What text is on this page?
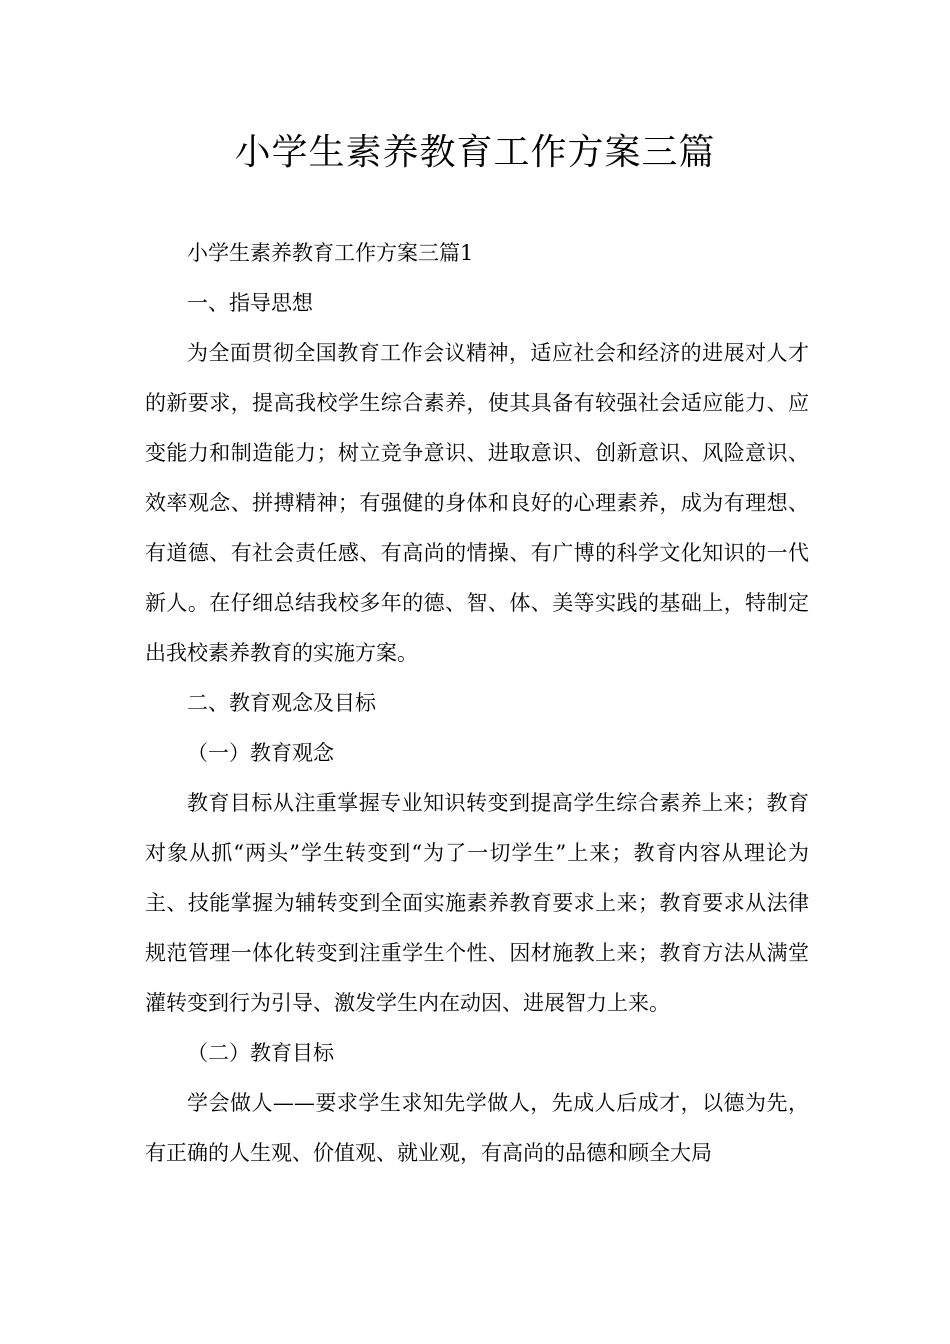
小学生素养教育工作方案三篇

小学生素养教育工作方案三篇1

一、指导思想

为全面贯彻全国教育工作会议精神，适应社会和经济的进展对人才的新要求，提高我校学生综合素养，使其具备有较强社会适应能力、应变能力和制造能力；树立竞争意识、进取意识、创新意识、风险意识、效率观念、拼搏精神；有强健的身体和良好的心理素养，成为有理想、有道德、有社会责任感、有高尚的情操、有广博的科学文化知识的一代新人。在仔细总结我校多年的德、智、体、美等实践的基础上，特制定出我校素养教育的实施方案。

二、教育观念及目标

（一）教育观念

教育目标从注重掌握专业知识转变到提高学生综合素养上来；教育对象从抓“两头”学生转变到“为了一切学生”上来；教育内容从理论为主、技能掌握为辅转变到全面实施素养教育要求上来；教育要求从法律规范管理一体化转变到注重学生个性、因材施教上来；教育方法从满堂灌转变到行为引导、激发学生内在动因、进展智力上来。

（二）教育目标

学会做人——要求学生求知先学做人，先成人后成才，以德为先，有正确的人生观、价值观、就业观，有高尚的品德和顾全大局
